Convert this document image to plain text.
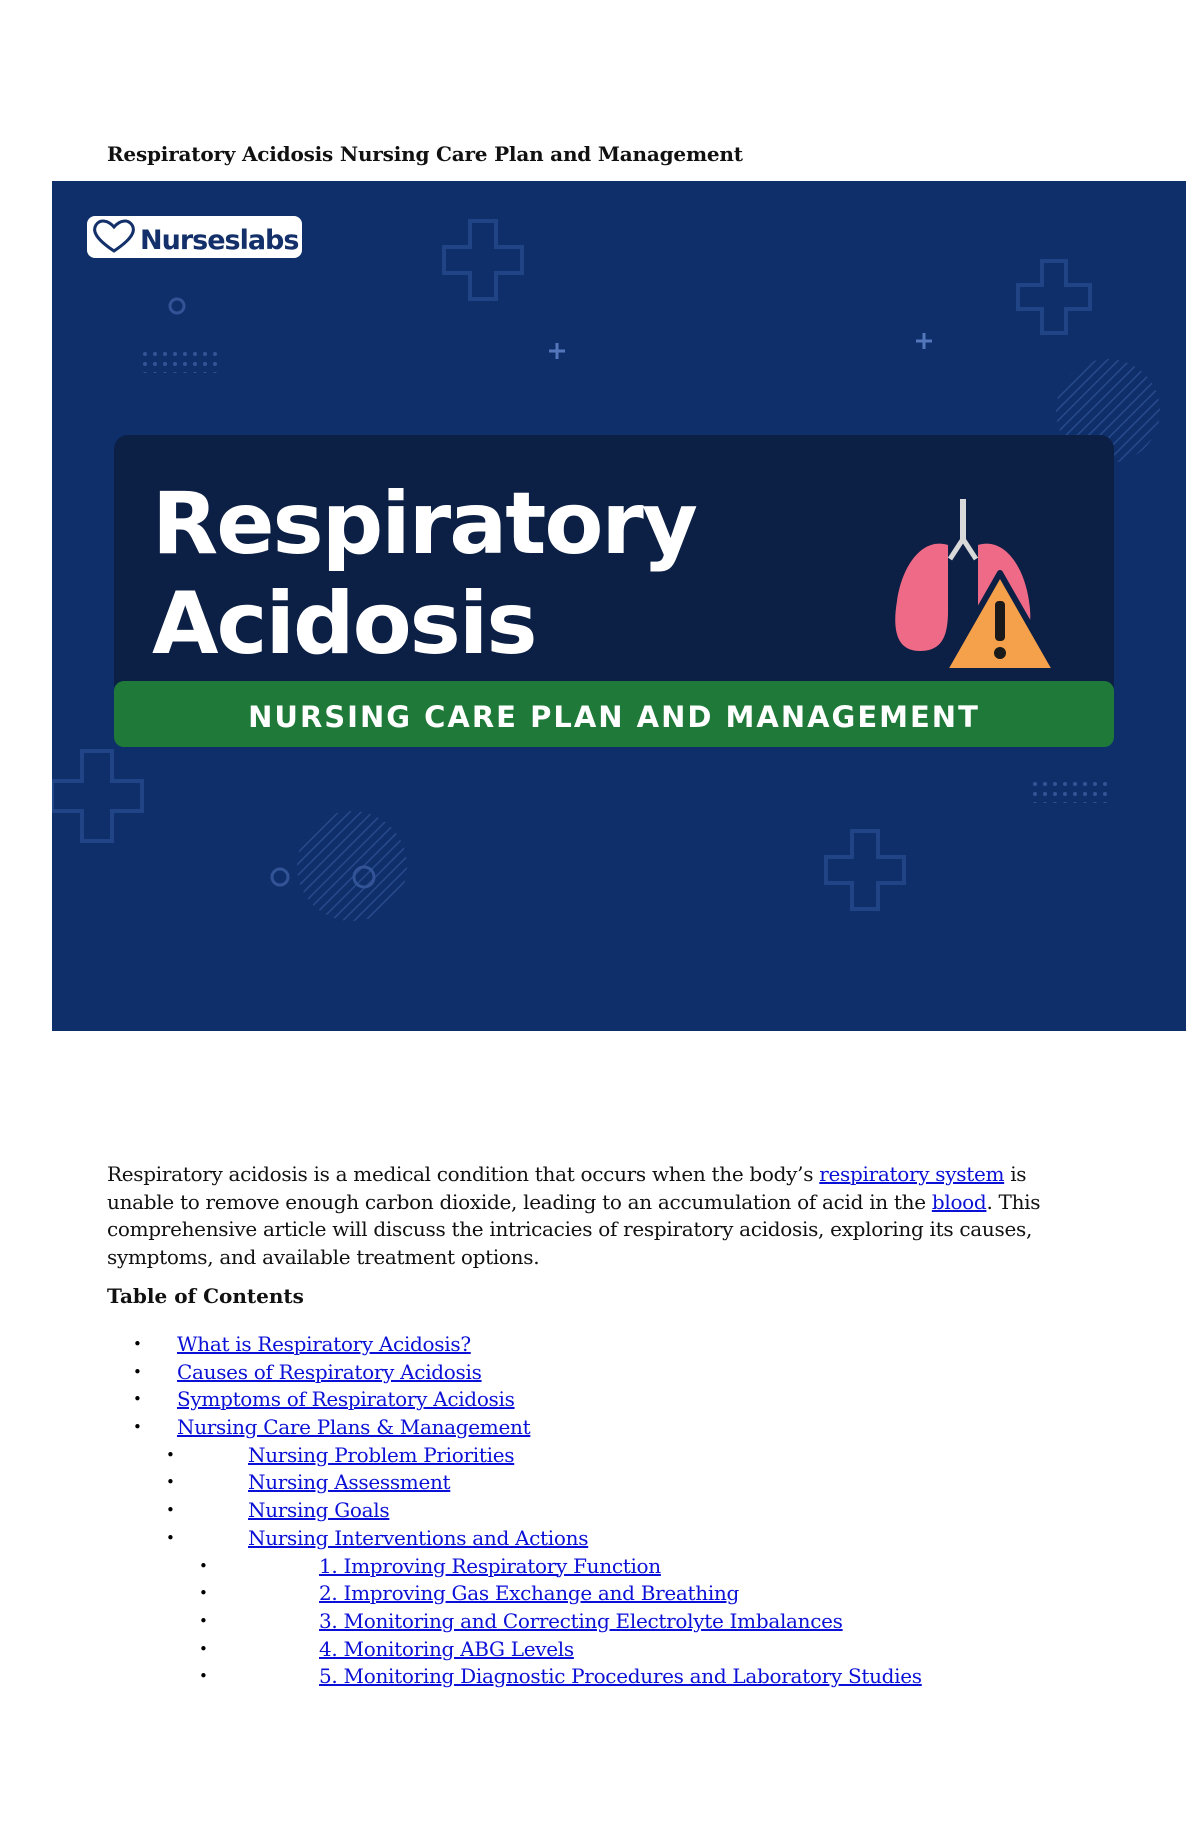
Respiratory Acidosis Nursing Care Plan and Management
Nurseslabs
Respiratory
Acidosis
NURSING CARE PLAN AND MANAGEMENT

Respiratory acidosis is a medical condition that occurs when the body’s respiratory system is unable to remove enough carbon dioxide, leading to an accumulation of acid in the blood. This comprehensive article will discuss the intricacies of respiratory acidosis, exploring its causes, symptoms, and available treatment options.

Table of Contents
• What is Respiratory Acidosis?
• Causes of Respiratory Acidosis
• Symptoms of Respiratory Acidosis
• Nursing Care Plans & Management
•	Nursing Problem Priorities
•	Nursing Assessment
•	Nursing Goals
•	Nursing Interventions and Actions
•	1. Improving Respiratory Function
•	2. Improving Gas Exchange and Breathing
•	3. Monitoring and Correcting Electrolyte Imbalances
•	4. Monitoring ABG Levels
•	5. Monitoring Diagnostic Procedures and Laboratory Studies
